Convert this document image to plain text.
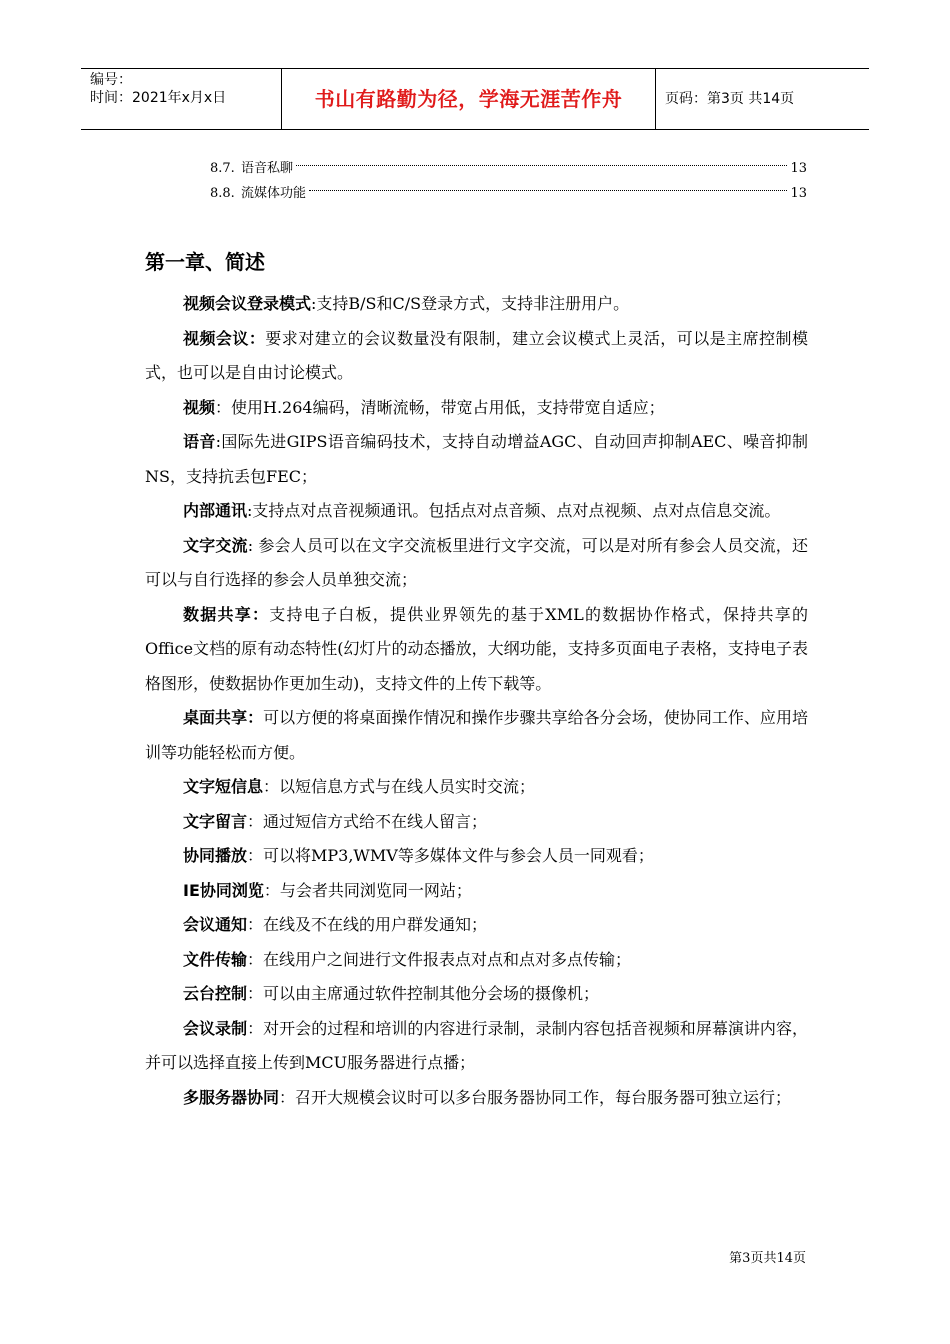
编号：
时间：2021年x月x日	书山有路勤为径，学海无涯苦作舟	页码：第3页 共14页
8.7. 语音私聊	13
8.8. 流媒体功能	13
第一章、简述

视频会议登录模式:支持B/S和C/S登录方式，支持非注册用户。

视频会议：要求对建立的会议数量没有限制，建立会议模式上灵活，可以是主席控制模式，也可以是自由讨论模式。

视频：使用H.264编码，清晰流畅，带宽占用低，支持带宽自适应；

语音:国际先进GIPS语音编码技术，支持自动增益AGC、自动回声抑制AEC、噪音抑制NS，支持抗丢包FEC；

内部通讯:支持点对点音视频通讯。包括点对点音频、点对点视频、点对点信息交流。

文字交流: 参会人员可以在文字交流板里进行文字交流，可以是对所有参会人员交流，还可以与自行选择的参会人员单独交流；

数据共享：支持电子白板，提供业界领先的基于XML的数据协作格式，保持共享的Office文档的原有动态特性(幻灯片的动态播放，大纲功能，支持多页面电子表格，支持电子表格图形，使数据协作更加生动)，支持文件的上传下载等。

桌面共享：可以方便的将桌面操作情况和操作步骤共享给各分会场，使协同工作、应用培训等功能轻松而方便。

文字短信息：以短信息方式与在线人员实时交流；

文字留言：通过短信方式给不在线人留言；

协同播放：可以将MP3,WMV等多媒体文件与参会人员一同观看；

IE协同浏览：与会者共同浏览同一网站；

会议通知：在线及不在线的用户群发通知；

文件传输：在线用户之间进行文件报表点对点和点对多点传输；

云台控制：可以由主席通过软件控制其他分会场的摄像机；

会议录制：对开会的过程和培训的内容进行录制，录制内容包括音视频和屏幕演讲内容，并可以选择直接上传到MCU服务器进行点播；

多服务器协同：召开大规模会议时可以多台服务器协同工作，每台服务器可独立运行；

第3页共14页
